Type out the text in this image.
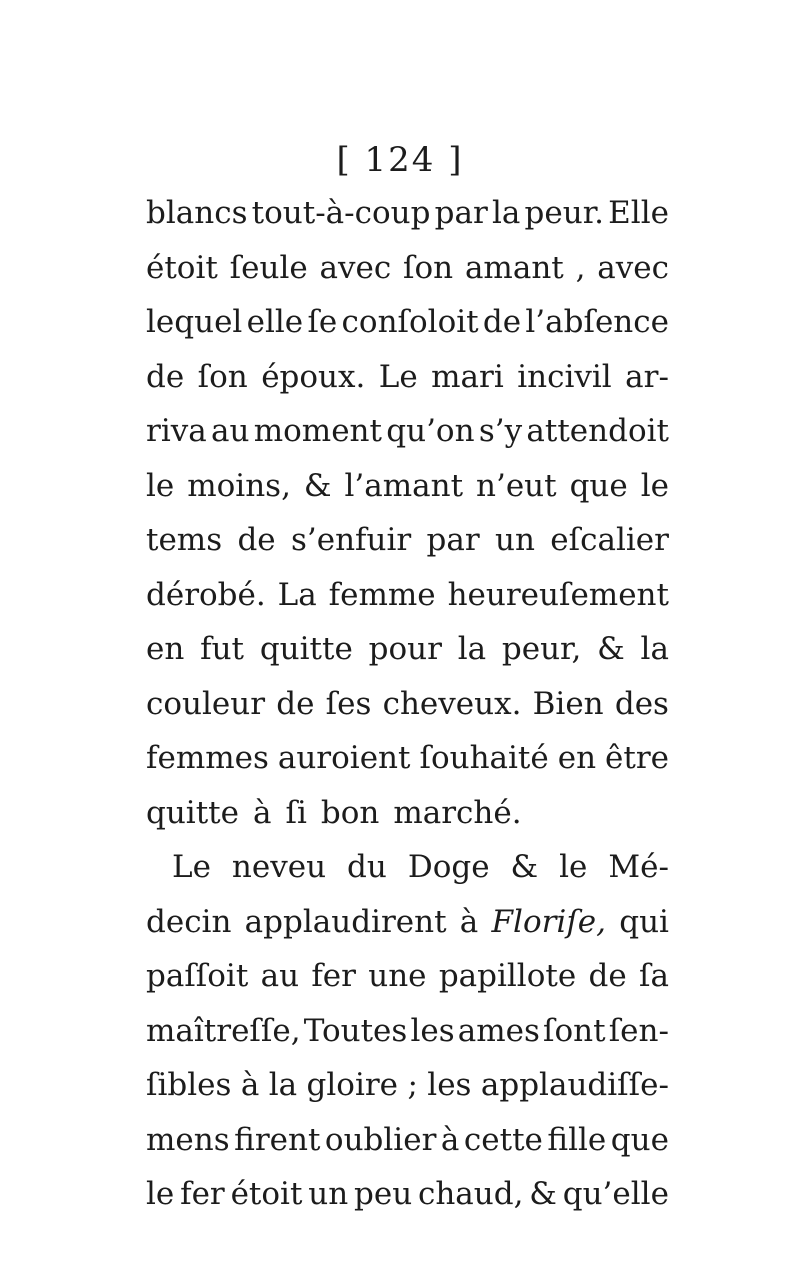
[ 124 ]
blancs tout-à-coup par la peur. Elle
étoit ſeule avec ſon amant , avec
lequel elle ſe conſoloit de l’abſence
de ſon époux. Le mari incivil ar-
riva au moment qu’on s’y attendoit
le moins, & l’amant n’eut que le
tems de s’enfuir par un eſcalier
dérobé. La femme heureuſement
en fut quitte pour la peur, & la
couleur de ſes cheveux. Bien des
femmes auroient ſouhaité en être
quitte à ſi bon marché.
Le neveu du Doge & le Mé-
decin applaudirent à Floriſe, qui
paſſoit au fer une papillote de ſa
maîtreſſe, Toutes les ames ſont ſen-
ſibles à la gloire ; les applaudiſſe-
mens firent oublier à cette fille que
le fer étoit un peu chaud, & qu’elle
